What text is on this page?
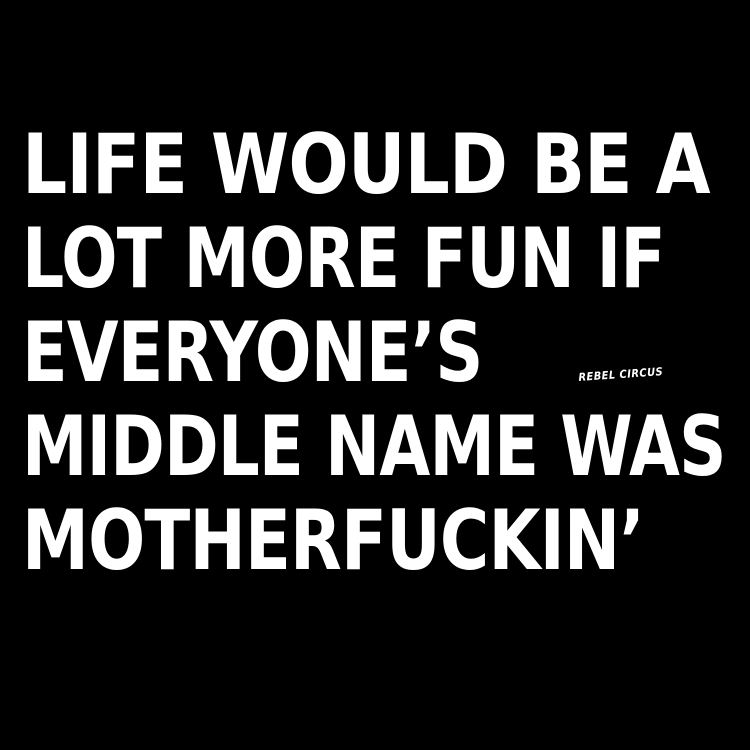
LIFE WOULD BE A
LOT MORE FUN IF
EVERYONE’S
MIDDLE NAME WAS
MOTHERFUCKIN’
REBEL CIRCUS
